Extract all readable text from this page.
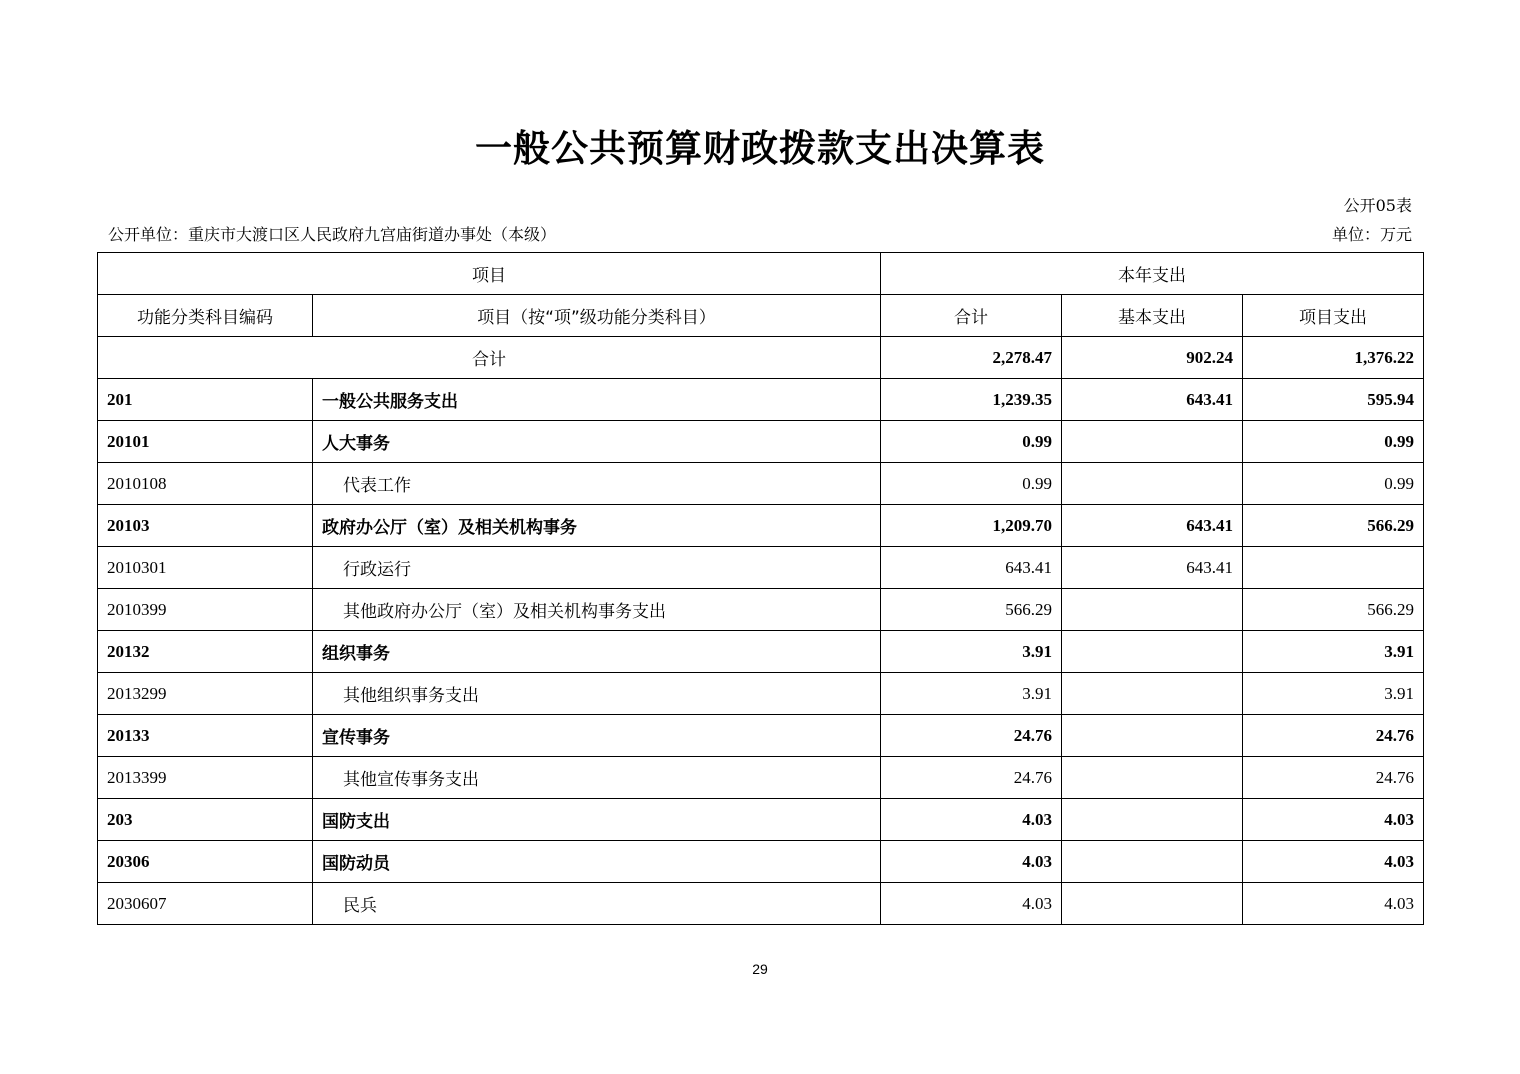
一般公共预算财政拨款支出决算表
公开05表
公开单位：重庆市大渡口区人民政府九宫庙街道办事处（本级）	单位：万元
项目		本年支出		
功能分类科目编码	项目（按“项”级功能分类科目）	合计	基本支出	项目支出
合计		2,278.47	902.24	1,376.22
201	一般公共服务支出	1,239.35	643.41	595.94
20101	人大事务	0.99		0.99
2010108	代表工作	0.99		0.99
20103	政府办公厅（室）及相关机构事务	1,209.70	643.41	566.29
2010301	行政运行	643.41	643.41	
2010399	其他政府办公厅（室）及相关机构事务支出	566.29		566.29
20132	组织事务	3.91		3.91
2013299	其他组织事务支出	3.91		3.91
20133	宣传事务	24.76		24.76
2013399	其他宣传事务支出	24.76		24.76
203	国防支出	4.03		4.03
20306	国防动员	4.03		4.03
2030607	民兵	4.03		4.03
29
